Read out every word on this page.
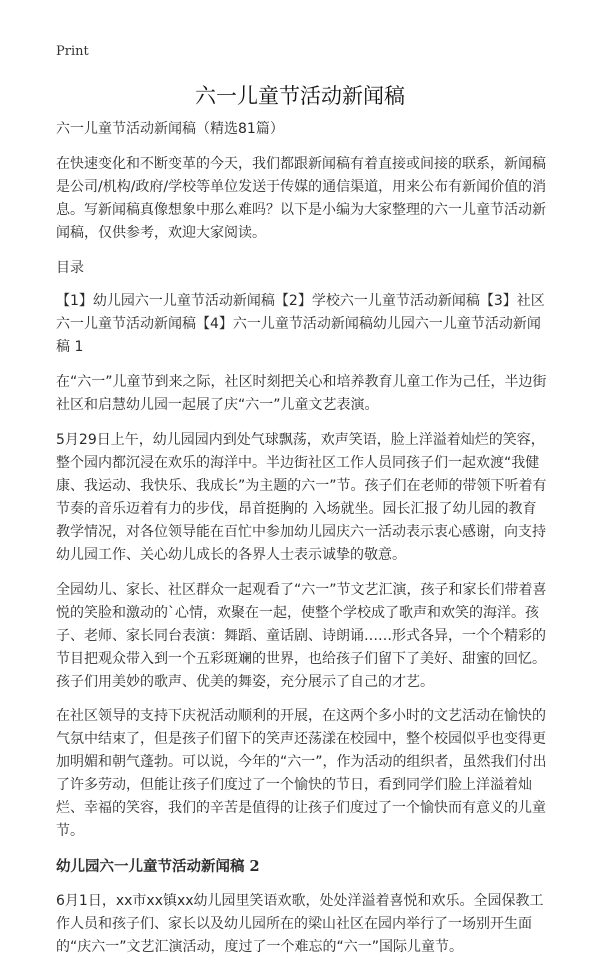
Print
六一儿童节活动新闻稿

六一儿童节活动新闻稿（精选81篇）

在快速变化和不断变革的今天，我们都跟新闻稿有着直接或间接的联系，新闻稿是公司/机构/政府/学校等单位发送于传媒的通信渠道，用来公布有新闻价值的消息。写新闻稿真像想象中那么难吗？以下是小编为大家整理的六一儿童节活动新闻稿，仅供参考，欢迎大家阅读。

目录

【1】幼儿园六一儿童节活动新闻稿【2】学校六一儿童节活动新闻稿【3】社区六一儿童节活动新闻稿【4】六一儿童节活动新闻稿幼儿园六一儿童节活动新闻稿 1

在“六一”儿童节到来之际，社区时刻把关心和培养教育儿童工作为己任，半边街社区和启慧幼儿园一起展了庆“六一”儿童文艺表演。

5月29日上午，幼儿园园内到处气球飘荡，欢声笑语，脸上洋溢着灿烂的笑容，整个园内都沉浸在欢乐的海洋中。半边街社区工作人员同孩子们一起欢渡“我健康、我运动、我快乐、我成长”为主题的六一”节。孩子们在老师的带领下听着有节奏的音乐迈着有力的步伐，昂首挺胸的 入场就坐。园长汇报了幼儿园的教育教学情况，对各位领导能在百忙中参加幼儿园庆六一活动表示衷心感谢，向支持幼儿园工作、关心幼儿成长的各界人士表示诚挚的敬意。

全园幼儿、家长、社区群众一起观看了“六一”节文艺汇演，孩子和家长们带着喜悦的笑脸和激动的`心情，欢聚在一起，使整个学校成了歌声和欢笑的海洋。孩子、老师、家长同台表演：舞蹈、童话剧、诗朗诵……形式各异，一个个精彩的节目把观众带入到一个五彩斑斓的世界，也给孩子们留下了美好、甜蜜的回忆。孩子们用美妙的歌声、优美的舞姿，充分展示了自己的才艺。

在社区领导的支持下庆祝活动顺利的开展，在这两个多小时的文艺活动在愉快的气氛中结束了，但是孩子们留下的笑声还荡漾在校园中，整个校园似乎也变得更加明媚和朝气蓬勃。可以说，今年的“六一”，作为活动的组织者，虽然我们付出了许多劳动，但能让孩子们度过了一个愉快的节日，看到同学们脸上洋溢着灿烂、幸福的笑容，我们的辛苦是值得的让孩子们度过了一个愉快而有意义的儿童节。

幼儿园六一儿童节活动新闻稿 2

6月1日，xx市xx镇xx幼儿园里笑语欢歌，处处洋溢着喜悦和欢乐。全园保教工作人员和孩子们、家长以及幼儿园所在的梁山社区在园内举行了一场别开生面的“庆六一”文艺汇演活动，度过了一个难忘的“六一”国际儿童节。
